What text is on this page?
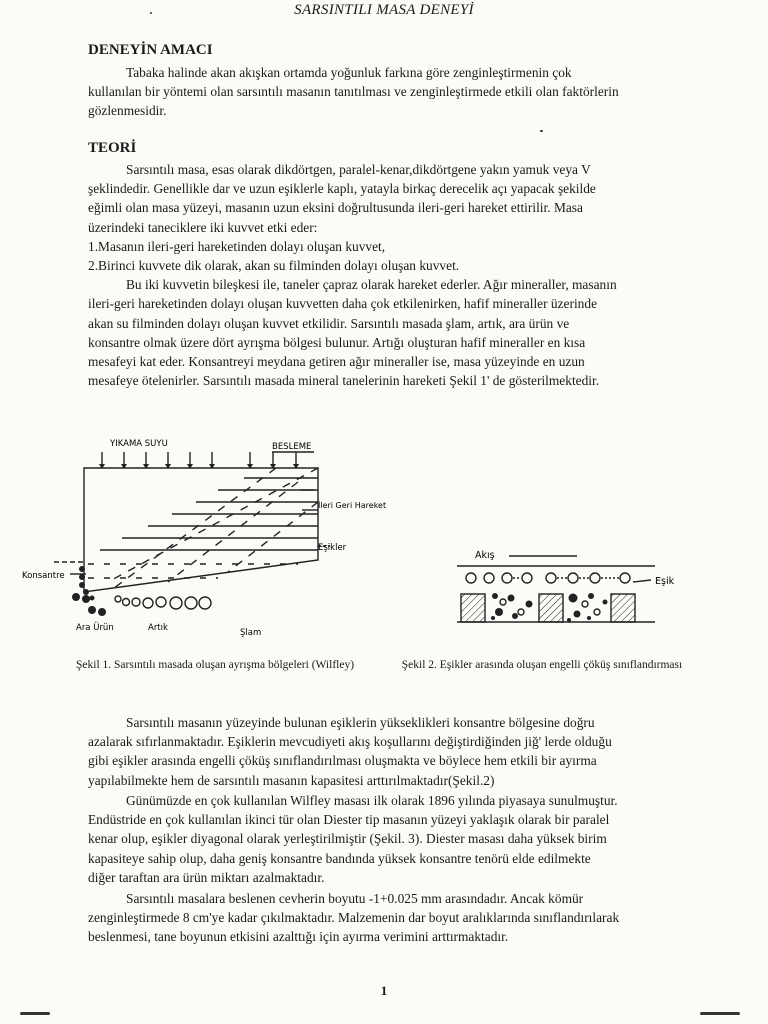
SARSINTILI MASA DENEYİ
DENEYİN AMACI
Tabaka halinde akan akışkan ortamda yoğunluk farkına göre zenginleştirmenin çok
kullanılan bir yöntemi olan sarsıntılı masanın tanıtılması ve zenginleştirmede etkili olan faktörlerin
gözlenmesidir.
TEORİ
Sarsıntılı masa, esas olarak dikdörtgen, paralel-kenar,dikdörtgene yakın yamuk veya V
şeklindedir. Genellikle dar ve uzun eşiklerle kaplı, yatayla birkaç derecelik açı yapacak şekilde
eğimli olan masa yüzeyi, masanın uzun eksini doğrultusunda ileri-geri hareket ettirilir. Masa
üzerindeki taneciklere iki kuvvet etki eder:
1.Masanın ileri-geri hareketinden dolayı oluşan kuvvet,
2.Birinci kuvvete dik olarak, akan su filminden dolayı oluşan kuvvet.
Bu iki kuvvetin bileşkesi ile, taneler çapraz olarak hareket ederler. Ağır mineraller, masanın
ileri-geri hareketinden dolayı oluşan kuvvetten daha çok etkilenirken, hafif mineraller üzerinde
akan su filminden dolayı oluşan kuvvet etkilidir. Sarsıntılı masada şlam, artık, ara ürün ve
konsantre olmak üzere dört ayrışma bölgesi bulunur. Artığı oluşturan hafif mineraller en kısa
mesafeyi kat eder. Konsantreyi meydana getiren ağır mineraller ise, masa yüzeyinde en uzun
mesafeye ötelenirler. Sarsıntılı masada mineral tanelerinin hareketi Şekil 1' de gösterilmektedir.
YIKAMA SUYU	BESLEME
İleri Geri Hareket
Eşikler
Konsantre
Ara Ürün	Artık	Şlam
Akış
Eşik
Şekil 1. Sarsıntılı masada oluşan ayrışma bölgeleri (Wilfley)	Şekil 2. Eşikler arasında oluşan engelli çöküş sınıflandırması
Sarsıntılı masanın yüzeyinde bulunan eşiklerin yükseklikleri konsantre bölgesine doğru
azalarak sıfırlanmaktadır. Eşiklerin mevcudiyeti akış koşullarını değiştirdiğinden jiğ' lerde olduğu
gibi eşikler arasında engelli çöküş sınıflandırılması oluşmakta ve böylece hem etkili bir ayırma
yapılabilmekte hem de sarsıntılı masanın kapasitesi arttırılmaktadır(Şekil.2)
Günümüzde en çok kullanılan Wilfley masası ilk olarak 1896 yılında piyasaya sunulmuştur.
Endüstride en çok kullanılan ikinci tür olan Diester tip masanın yüzeyi yaklaşık olarak bir paralel
kenar olup, eşikler diyagonal olarak yerleştirilmiştir (Şekil. 3). Diester masası daha yüksek birim
kapasiteye sahip olup, daha geniş konsantre bandında yüksek konsantre tenörü elde edilmekte
diğer taraftan ara ürün miktarı azalmaktadır.
Sarsıntılı masalara beslenen cevherin boyutu -1+0.025 mm arasındadır. Ancak kömür
zenginleştirmede 8 cm'ye kadar çıkılmaktadır. Malzemenin dar boyut aralıklarında sınıflandırılarak
beslenmesi, tane boyunun etkisini azalttığı için ayırma verimini arttırmaktadır.
1
